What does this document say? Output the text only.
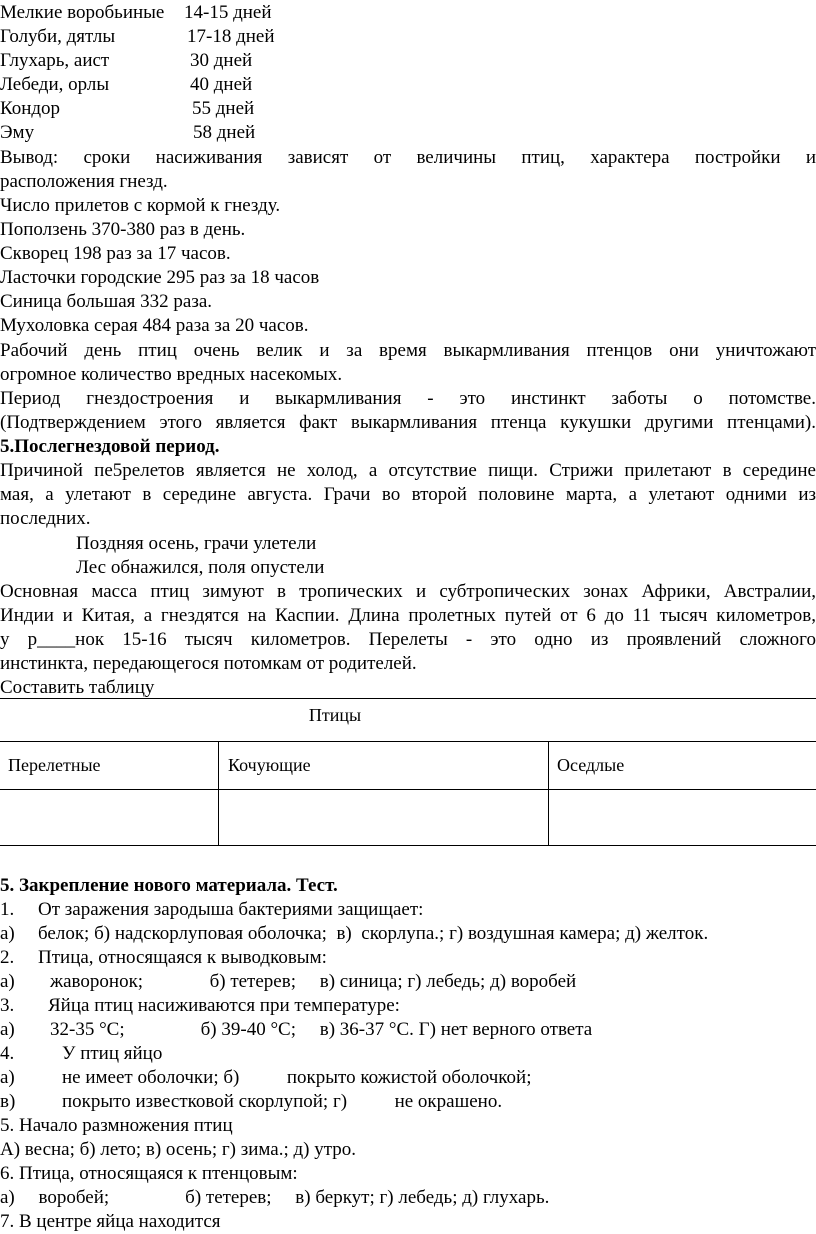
Мелкие воробьиные 14-15 дней
Голуби, дятлы	17-18 дней
Глухарь, аист	30 дней
Лебеди, орлы	40 дней
Кондор	55 дней
Эму	58 дней
Вывод: сроки насиживания зависят от величины птиц, характера постройки и
расположения гнезд.
Число прилетов с кормой к гнезду.
Поползень 370-380 раз в день.
Скворец 198 раз за 17 часов.
Ласточки городские 295 раз за 18 часов
Синица большая 332 раза.
Мухоловка серая 484 раза за 20 часов.
Рабочий день птиц очень велик и за время выкармливания птенцов они уничтожают
огромное количество вредных насекомых.
Период гнездостроения и выкармливания - это инстинкт заботы о потомстве.
(Подтверждением этого является факт выкармливания птенца кукушки другими птенцами).
5.Послегнездовой период.
Причиной пе5релетов является не холод, а отсутствие пищи. Стрижи прилетают в середине
мая, а улетают в середине августа. Грачи во второй половине марта, а улетают одними из
последних.
Поздняя осень, грачи улетели
Лес обнажился, поля опустели
Основная масса птиц зимуют в тропических и субтропических зонах Африки, Австралии,
Индии и Китая, а гнездятся на Каспии. Длина пролетных путей от 6 до 11 тысяч километров,
у р____нок 15-16 тысяч километров. Перелеты - это одно из проявлений сложного
инстинкта, передающегося потомкам от родителей.
Составить таблицу
Птицы
Перелетные	Кочующие	Оседлые
5. Закрепление нового материала. Тест.
1. От заражения зародыша бактериями защищает:
а) белок; б) надскорлуповая оболочка;  в)  скорлупа.; г) воздушная камера; д) желток.
2. Птица, относящаяся к выводковым:
а) жаворонок;              б) тетерев;     в) синица; г) лебедь; д) воробей
3. Яйца птиц насиживаются при температуре:
а) 32-35 °С;                б) 39-40 °С;     в) 36-37 °С. Г) нет верного ответа
4.	У птиц яйцо
а) не имеет оболочки; б)          покрыто кожистой оболочкой;
в) покрыто известковой скорлупой; г)          не окрашено.
5. Начало размножения птиц
А) весна; б) лето; в) осень; г) зима.; д) утро.
6. Птица, относящаяся к птенцовым:
а)     воробей;                б) тетерев;     в) беркут; г) лебедь; д) глухарь.
7. В центре яйца находится
